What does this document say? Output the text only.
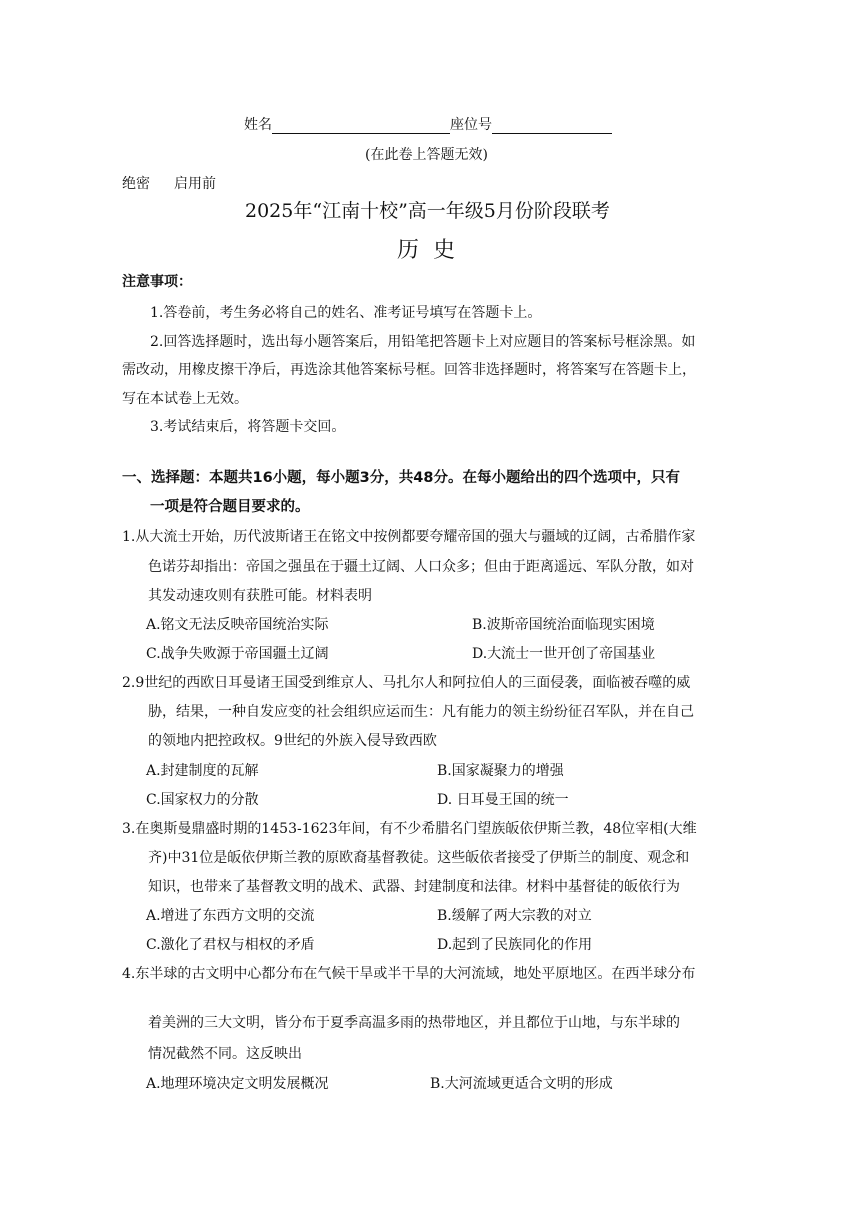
姓名	座位号
(在此卷上答题无效)
绝密 启用前
2025年“江南十校”高一年级5月份阶段联考
历史
注意事项：
1.答卷前，考生务必将自己的姓名、准考证号填写在答题卡上。
2.回答选择题时，选出每小题答案后，用铅笔把答题卡上对应题目的答案标号框涂黑。如
需改动，用橡皮擦干净后，再选涂其他答案标号框。回答非选择题时，将答案写在答题卡上，
写在本试卷上无效。
3.考试结束后，将答题卡交回。
一、选择题：本题共16小题，每小题3分，共48分。在每小题给出的四个选项中，只有
一项是符合题目要求的。
1.从大流士开始，历代波斯诸王在铭文中按例都要夸耀帝国的强大与疆域的辽阔，古希腊作家
色诺芬却指出：帝国之强虽在于疆土辽阔、人口众多；但由于距离遥远、军队分散，如对
其发动速攻则有获胜可能。材料表明
A.铭文无法反映帝国统治实际	B.波斯帝国统治面临现实困境
C.战争失败源于帝国疆土辽阔	D.大流士一世开创了帝国基业
2.9世纪的西欧日耳曼诸王国受到维京人、马扎尔人和阿拉伯人的三面侵袭，面临被吞噬的威
胁，结果，一种自发应变的社会组织应运而生：凡有能力的领主纷纷征召军队，并在自己
的领地内把控政权。9世纪的外族入侵导致西欧
A.封建制度的瓦解	B.国家凝聚力的增强
C.国家权力的分散	D. 日耳曼王国的统一
3.在奥斯曼鼎盛时期的1453-1623年间，有不少希腊名门望族皈依伊斯兰教，48位宰相(大维
齐)中31位是皈依伊斯兰教的原欧裔基督教徒。这些皈依者接受了伊斯兰的制度、观念和
知识，也带来了基督教文明的战术、武器、封建制度和法律。材料中基督徒的皈依行为
A.增进了东西方文明的交流	B.缓解了两大宗教的对立
C.激化了君权与相权的矛盾	D.起到了民族同化的作用
4.东半球的古文明中心都分布在气候干旱或半干旱的大河流域，地处平原地区。在西半球分布
着美洲的三大文明，皆分布于夏季高温多雨的热带地区，并且都位于山地，与东半球的
情况截然不同。这反映出
A.地理环境决定文明发展概况	B.大河流域更适合文明的形成
